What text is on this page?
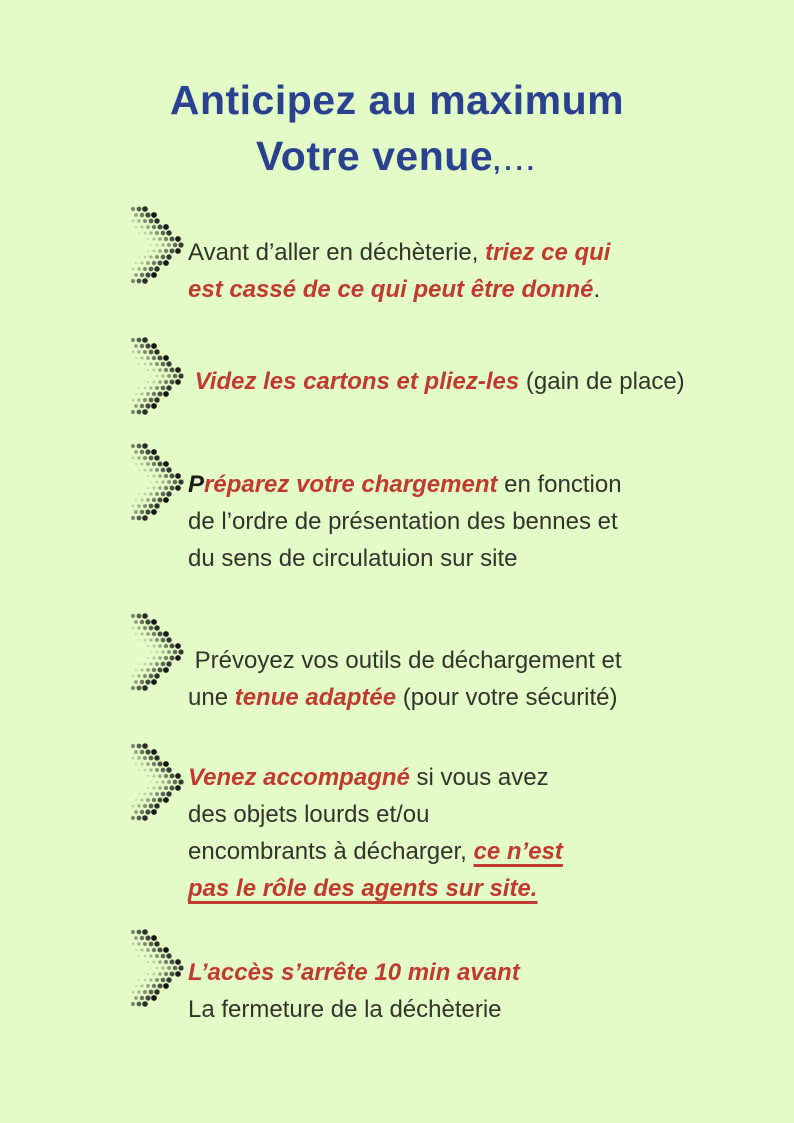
Anticipez au maximum
Votre venue,...
Avant d’aller en déchèterie, triez ce qui
est cassé de ce qui peut être donné.
Videz les cartons et pliez-les (gain de place)
Préparez votre chargement en fonction
de l’ordre de présentation des bennes et
du sens de circulatuion sur site
Prévoyez vos outils de déchargement et
une tenue adaptée (pour votre sécurité)
Venez accompagné si vous avez
des objets lourds et/ou
encombrants à décharger, ce n’est
pas le rôle des agents sur site.
L’accès s’arrête 10 min avant
La fermeture de la déchèterie
